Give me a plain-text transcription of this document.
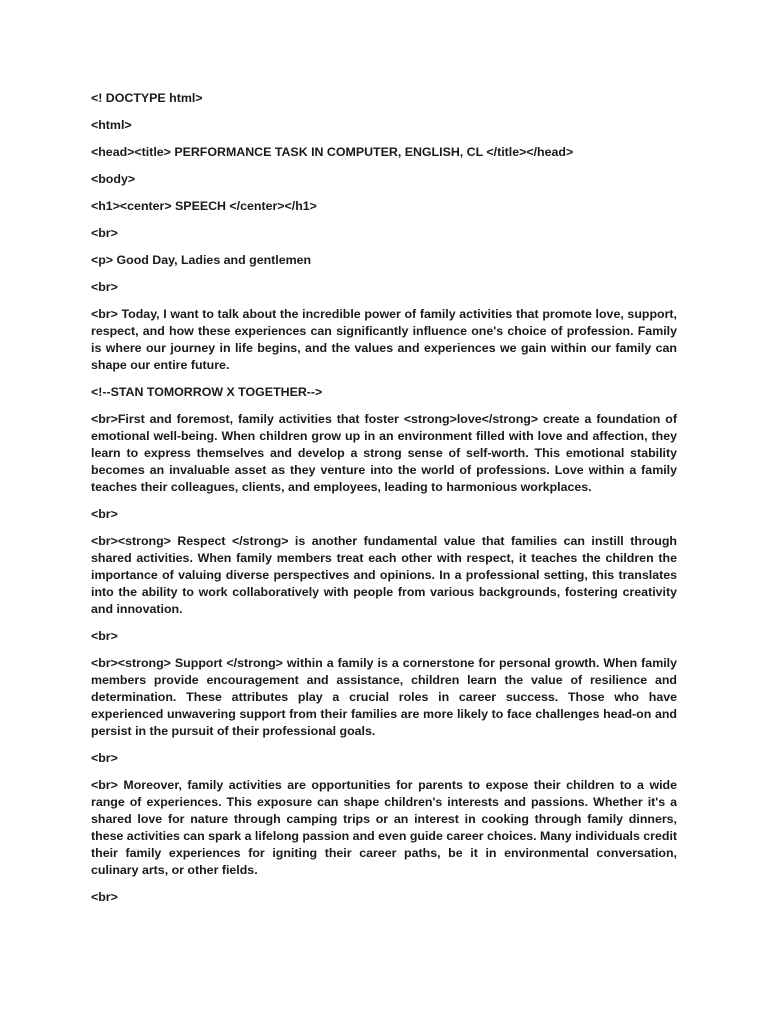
<! DOCTYPE html>
<html>
<head><title> PERFORMANCE TASK IN COMPUTER, ENGLISH, CL </title></head>
<body>
<h1><center> SPEECH </center></h1>
<br>
<p> Good Day, Ladies and gentlemen
<br>
<br> Today, I want to talk about the incredible power of family activities that promote love, support, respect, and how these experiences can significantly influence one's choice of profession. Family is where our journey in life begins, and the values and experiences we gain within our family can shape our entire future.
<!--STAN TOMORROW X TOGETHER-->
<br>First and foremost, family activities that foster <strong>love</strong> create a foundation of emotional well-being. When children grow up in an environment filled with love and affection, they learn to express themselves and develop a strong sense of self-worth. This emotional stability becomes an invaluable asset as they venture into the world of professions. Love within a family teaches their colleagues, clients, and employees, leading to harmonious workplaces.
<br>
<br><strong> Respect </strong> is another fundamental value that families can instill through shared activities. When family members treat each other with respect, it teaches the children the importance of valuing diverse perspectives and opinions. In a professional setting, this translates into the ability to work collaboratively with people from various backgrounds, fostering creativity and innovation.
<br>
<br><strong> Support </strong> within a family is a cornerstone for personal growth. When family members provide encouragement and assistance, children learn the value of resilience and determination. These attributes play a crucial roles in career success. Those who have experienced unwavering support from their families are more likely to face challenges head-on and persist in the pursuit of their professional goals.
<br>
<br> Moreover, family activities are opportunities for parents to expose their children to a wide range of experiences. This exposure can shape children's interests and passions. Whether it's a shared love for nature through camping trips or an interest in cooking through family dinners, these activities can spark a lifelong passion and even guide career choices. Many individuals credit their family experiences for igniting their career paths, be it in environmental conversation, culinary arts, or other fields.
<br>
